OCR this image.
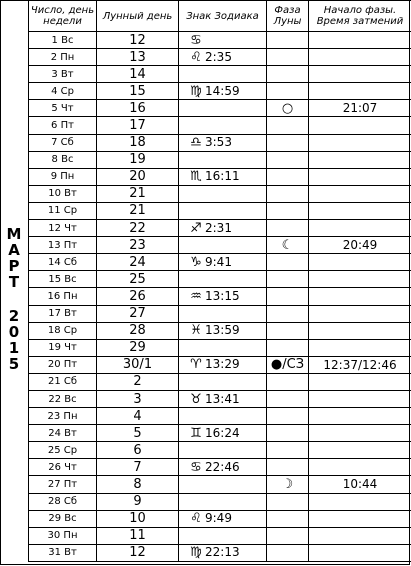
М
А
Р
Т
2
0
1
5
Число, день недели	Лунный день	Знак Зодиака	Фаза Луны	Начало фазы. Время затмений
1 Вс	12	♋		
2 Пн	13	♌ 2:35		
3 Вт	14			
4 Ср	15	♍ 14:59		
5 Чт	16		○	21:07
6 Пт	17			
7 Сб	18	♎ 3:53		
8 Вс	19			
9 Пн	20	♏ 16:11		
10 Вт	21			
11 Ср	21			
12 Чт	22	♐ 2:31		
13 Пт	23		☾	20:49
14 Сб	24	♑ 9:41		
15 Вс	25			
16 Пн	26	♒ 13:15		
17 Вт	27			
18 Ср	28	♓ 13:59		
19 Чт	29			
20 Пт	30/1	♈ 13:29	●/СЗ	12:37/12:46
21 Сб	2			
22 Вс	3	♉ 13:41		
23 Пн	4			
24 Вт	5	♊ 16:24		
25 Ср	6			
26 Чт	7	♋ 22:46		
27 Пт	8		☽	10:44
28 Сб	9			
29 Вс	10	♌ 9:49		
30 Пн	11			
31 Вт	12	♍ 22:13		
